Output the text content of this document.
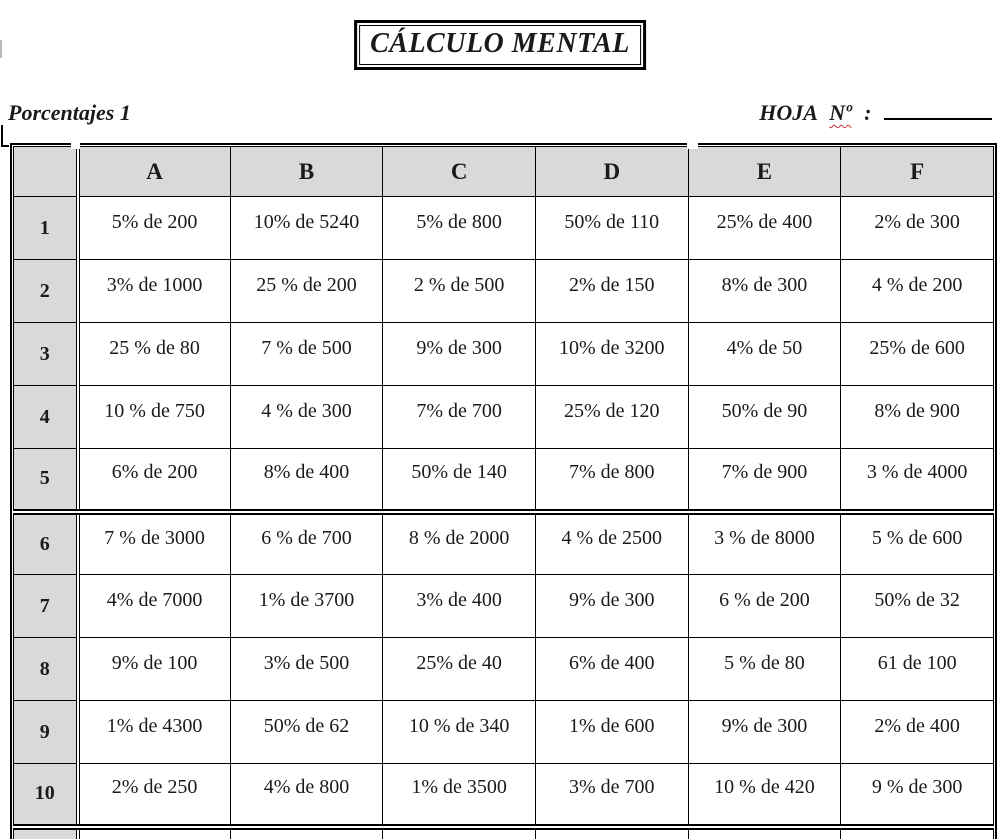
CÁLCULO MENTAL
Porcentajes 1	HOJA Nº :
	A	B	C	D	E	F
1	5% de 200	10% de 5240	5% de 800	50% de 110	25% de 400	2% de 300
2	3% de 1000	25 % de 200	2 % de 500	2% de 150	8% de 300	4 % de 200
3	25 % de 80	7 % de 500	9% de 300	10% de 3200	4% de 50	25% de 600
4	10 % de 750	4 % de 300	7% de 700	25% de 120	50% de 90	8% de 900
5	6% de 200	8% de 400	50% de 140	7% de 800	7% de 900	3 % de 4000
6	7 % de 3000	6 % de 700	8 % de 2000	4 % de 2500	3 % de 8000	5 % de 600
7	4% de 7000	1% de 3700	3% de 400	9% de 300	6 % de 200	50% de 32
8	9% de 100	3% de 500	25% de 40	6% de 400	5 % de 80	61 de 100
9	1% de 4300	50% de 62	10 % de 340	1% de 600	9% de 300	2% de 400
10	2% de 250	4% de 800	1% de 3500	3% de 700	10 % de 420	9 % de 300
